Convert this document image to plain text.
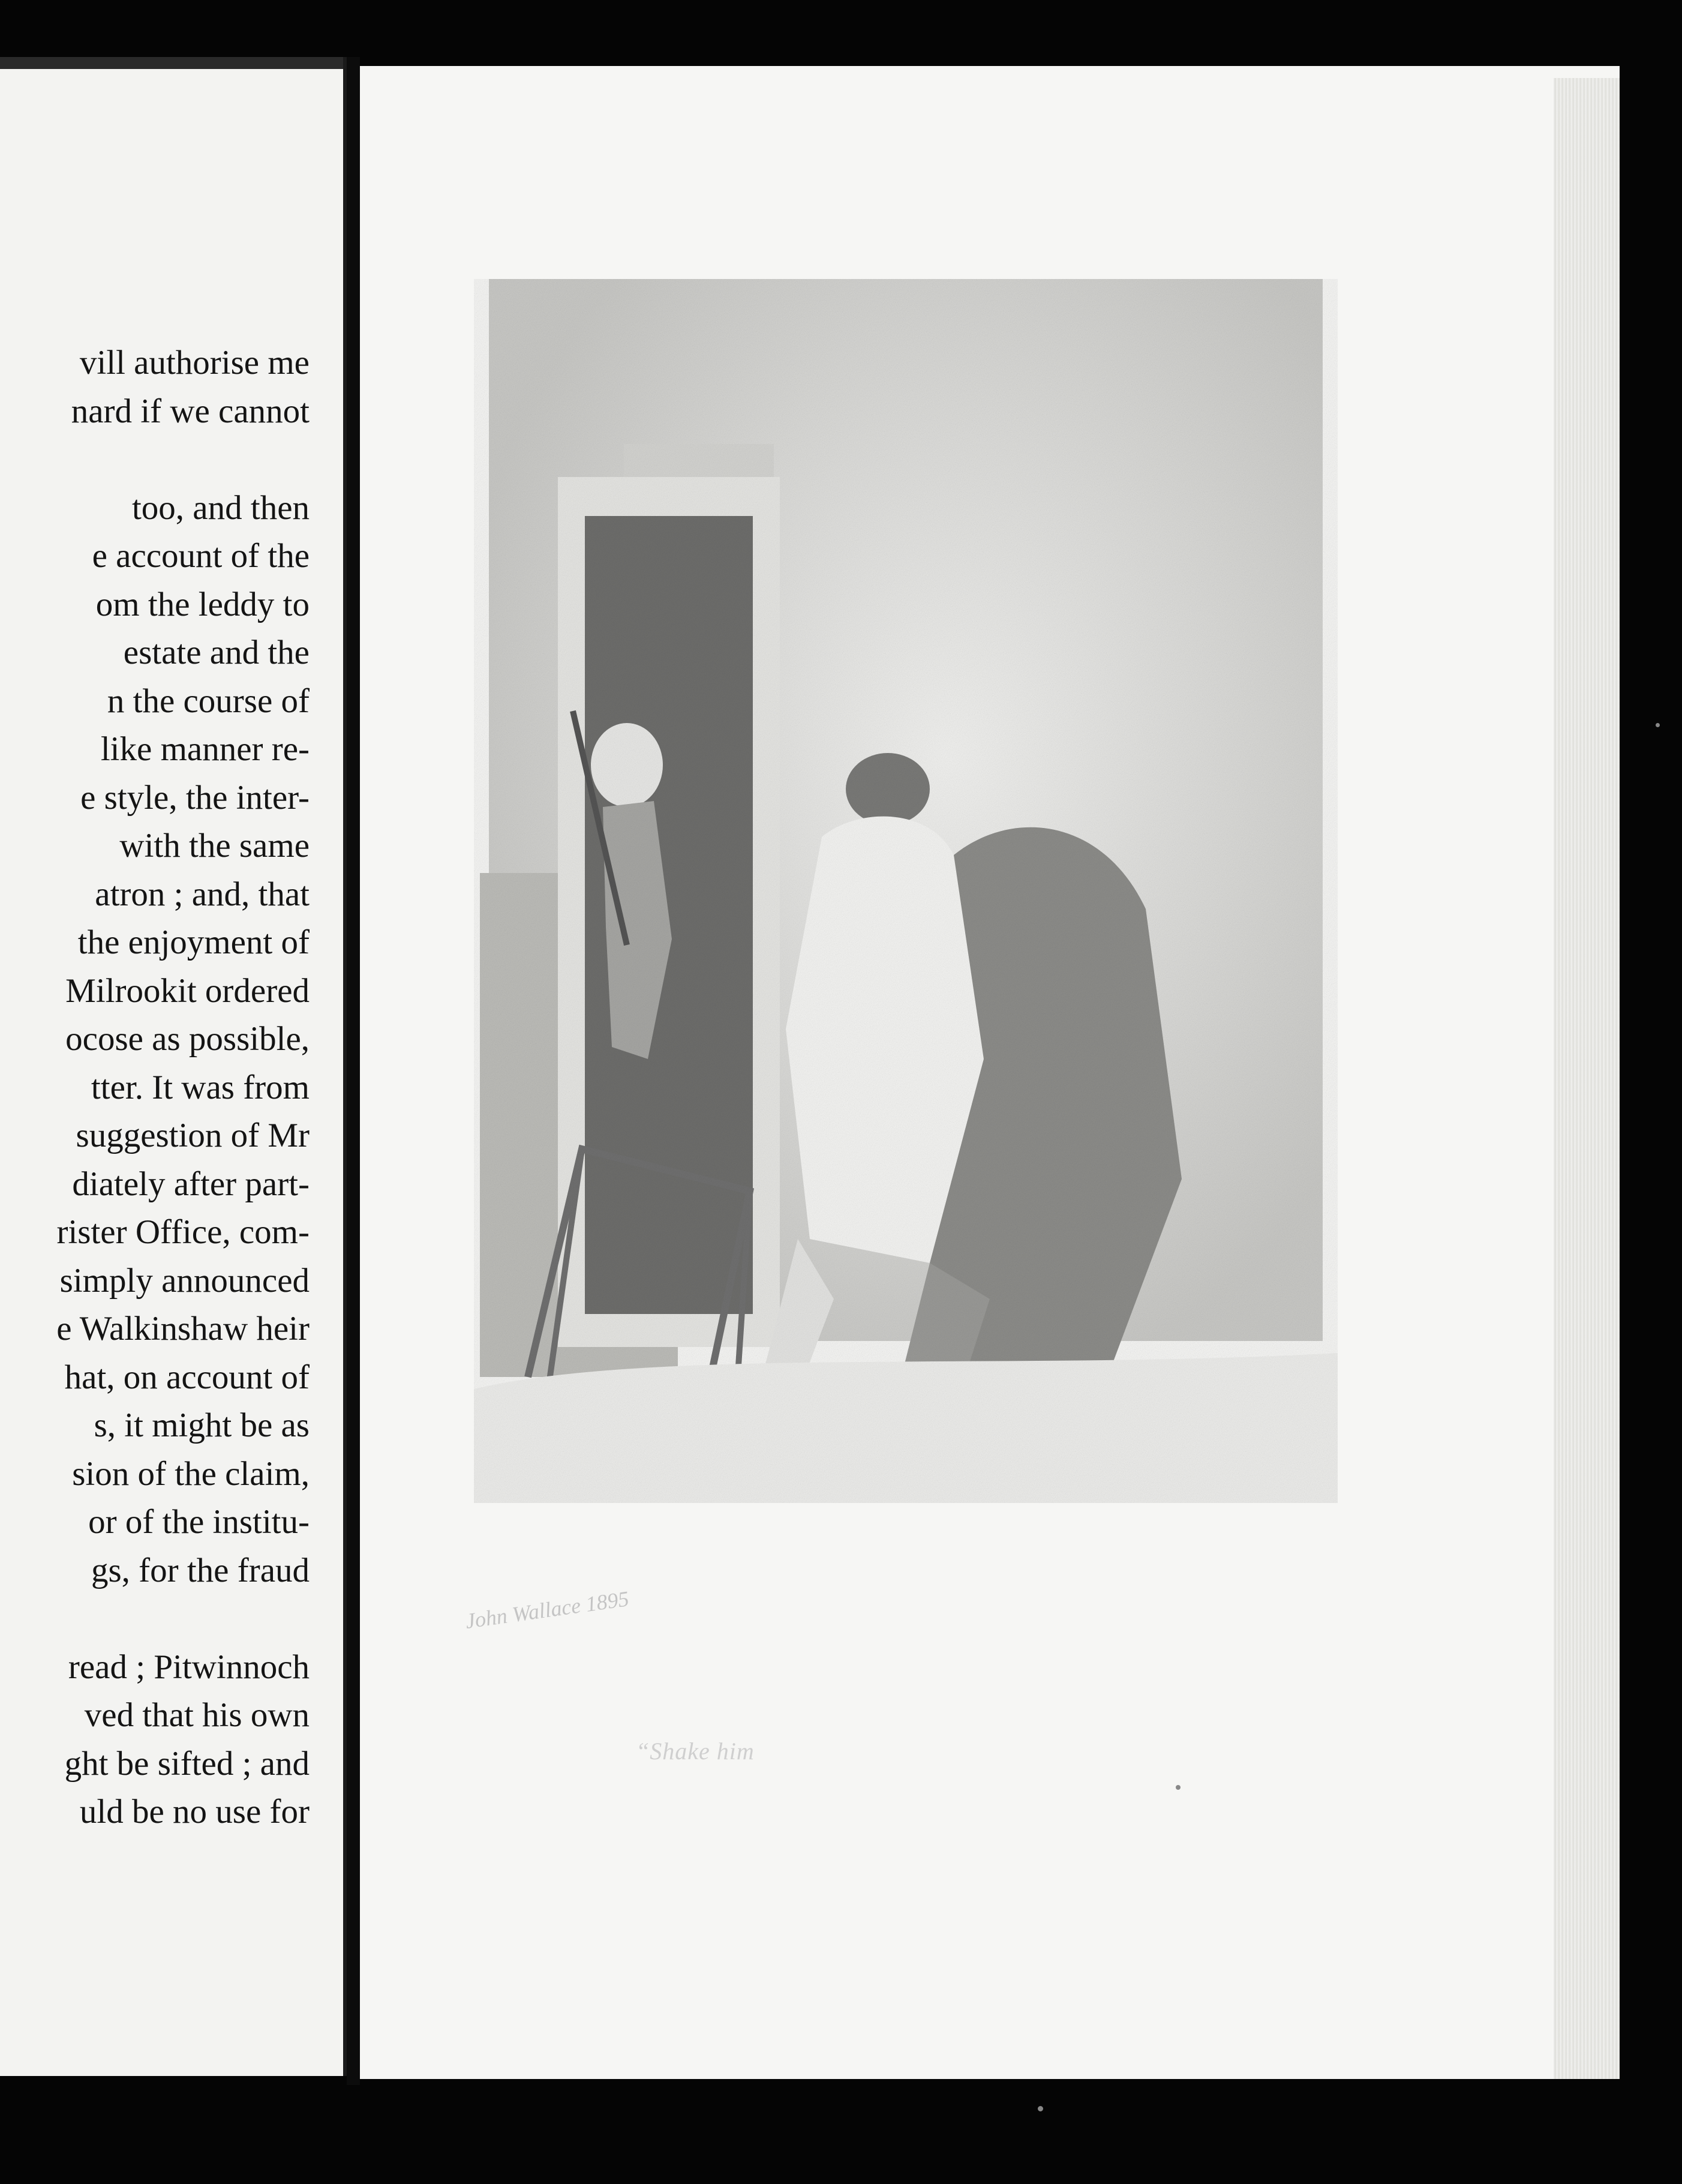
vill authorise me
nard if we cannot
too, and then
e account of the
om the leddy to
estate and the
n the course of
like manner re-
e style, the inter-
with the same
atron ; and, that
the enjoyment of
Milrookit ordered
ocose as possible,
tter. It was from
suggestion of Mr
diately after part-
rister Office, com-
simply announced
e Walkinshaw heir
hat, on account of
s, it might be as
sion of the claim,
or of the institu-
gs, for the fraud
read ; Pitwinnoch
ved that his own
ght be sifted ; and
uld be no use for
John Wallace 1895
“Shake him
